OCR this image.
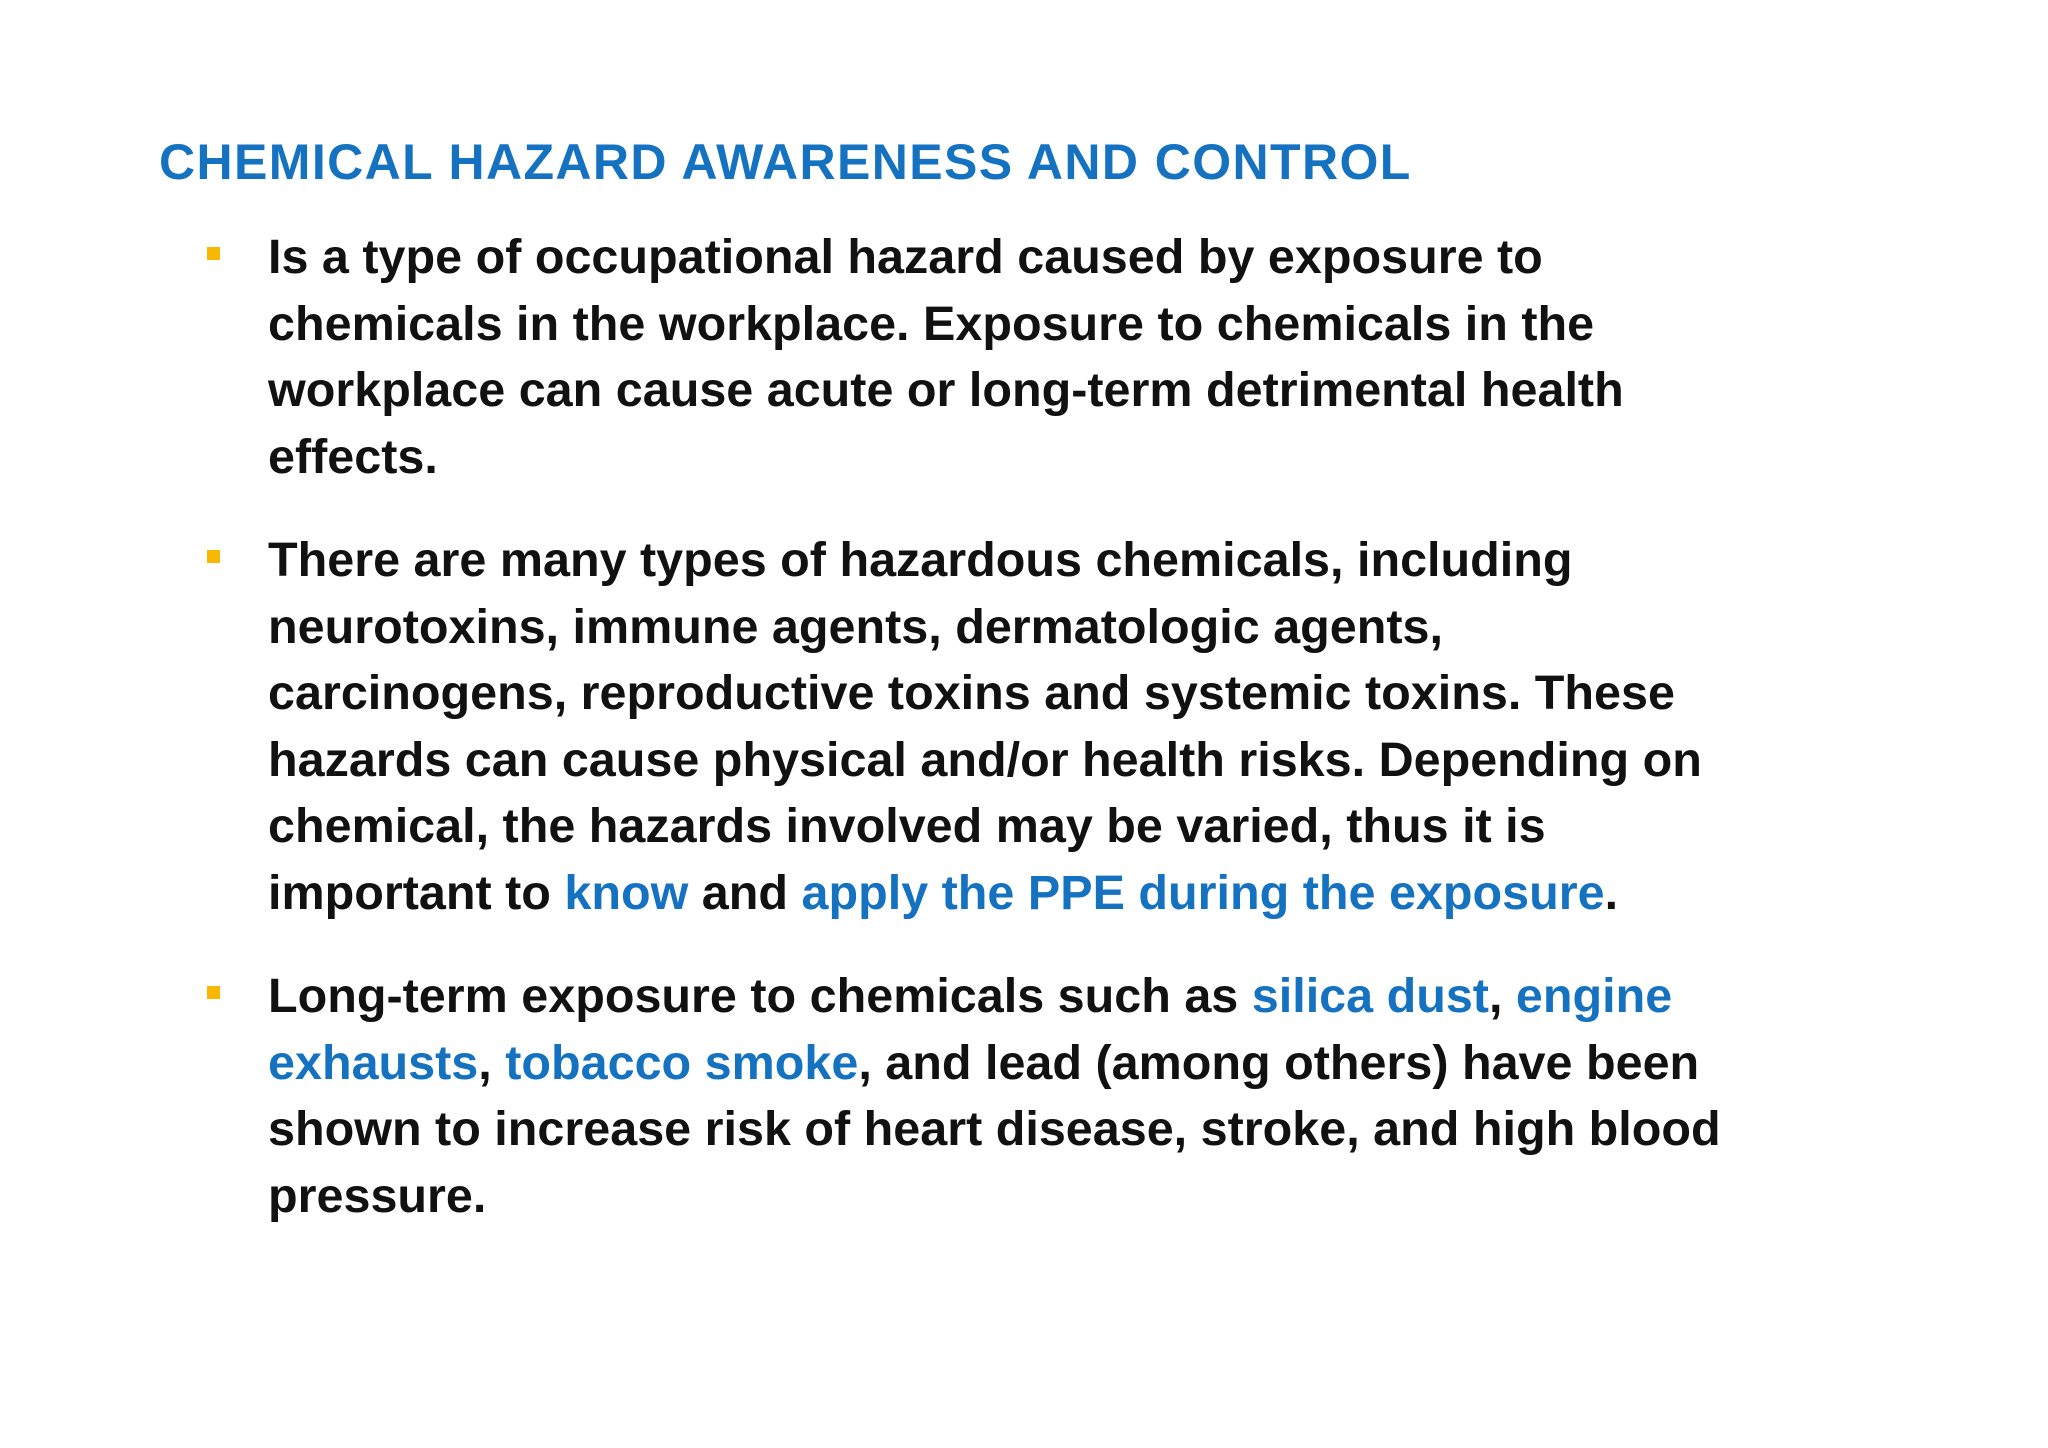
CHEMICAL HAZARD AWARENESS AND CONTROL
Is a type of occupational hazard caused by exposure to
chemicals in the workplace. Exposure to chemicals in the
workplace can cause acute or long-term detrimental health
effects.
There are many types of hazardous chemicals, including
neurotoxins, immune agents, dermatologic agents,
carcinogens, reproductive toxins and systemic toxins. These
hazards can cause physical and/or health risks. Depending on
chemical, the hazards involved may be varied, thus it is
important to know and apply the PPE during the exposure.
Long-term exposure to chemicals such as silica dust, engine
exhausts, tobacco smoke, and lead (among others) have been
shown to increase risk of heart disease, stroke, and high blood
pressure.
